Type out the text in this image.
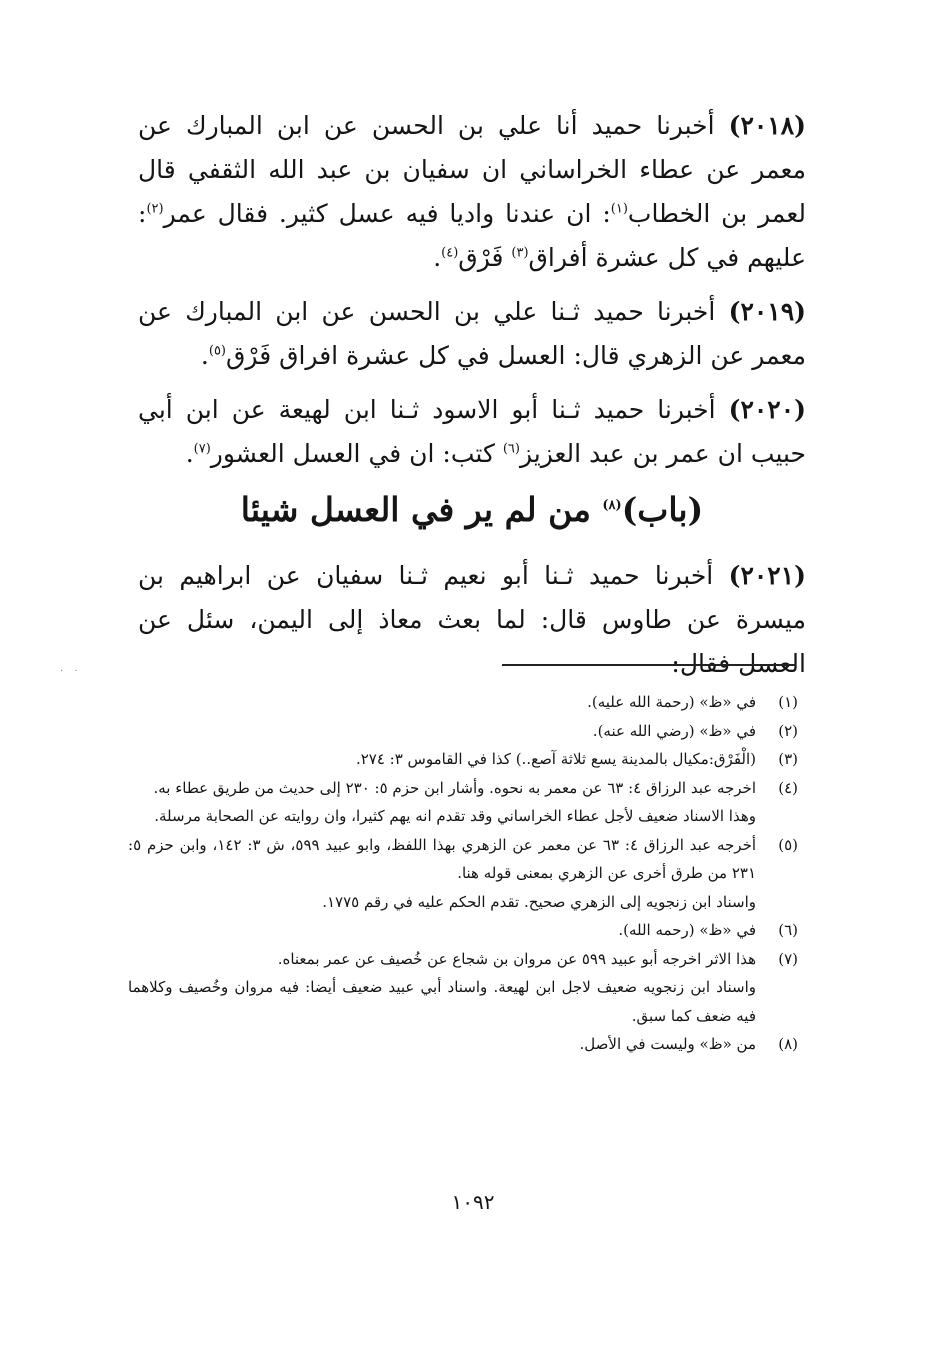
(٢٠١٨) أخبرنا حميد أنا علي بن الحسن عن ابن المبارك عن معمر عن عطاء الخراساني ان سفيان بن عبد الله الثقفي قال لعمر بن الخطاب$^{(١)}$: ان عندنا واديا فيه عسل كثير. فقال عمر$^{(٢)}$: عليهم في كل عشرة أفراق$^{(٣)}$ فَرْق$^{(٤)}$.

(٢٠١٩) أخبرنا حميد ثـنا علي بن الحسن عن ابن المبارك عن معمر عن الزهري قال: العسل في كل عشرة افراق فَرْق$^{(٥)}$.

(٢٠٢٠) أخبرنا حميد ثـنا أبو الاسود ثـنا ابن لهيعة عن ابن أبي حبيب ان عمر بن عبد العزيز$^{(٦)}$ كتب: ان في العسل العشور$^{(٧)}$.

(باب)$^{(٨)}$ من لم ير في العسل شيئا

(٢٠٢١) أخبرنا حميد ثـنا أبو نعيم ثـنا سفيان عن ابراهيم بن ميسرة عن طاوس قال: لما بعث معاذ إلى اليمن، سئل عن العسل فقال:

· ·
(١)

في «ظ» (رحمة الله عليه).

(٢)

في «ظ» (رضي الله عنه).

(٣)

(الْفَرْق:مكيال بالمدينة يسع ثلاثة آصع..) كذا في القاموس ٣: ٢٧٤.

(٤)

اخرجه عبد الرزاق ٤: ٦٣ عن معمر به نحوه. وأشار ابن حزم ٥: ٢٣٠ إلى حديث من طريق عطاء به.

وهذا الاسناد ضعيف لأجل عطاء الخراساني وقد تقدم انه يهم كثيرا، وان روايته عن الصحابة مرسلة.

(٥)

أخرجه عبد الرزاق ٤: ٦٣ عن معمر عن الزهري بهذا اللفظ، وابو عبيد ٥٩٩، ش ٣: ١٤٢، وابن حزم ٥: ٢٣١ من طرق أخرى عن الزهري بمعنى قوله هنا.

واسناد ابن زنجويه إلى الزهري صحيح. تقدم الحكم عليه في رقم ١٧٧٥.

(٦)

في «ظ» (رحمه الله).

(٧)

هذا الاثر اخرجه أبو عبيد ٥٩٩ عن مروان بن شجاع عن خُصيف عن عمر بمعناه.

واسناد ابن زنجويه ضعيف لاجل ابن لهيعة. واسناد أبي عبيد ضعيف أيضا: فيه مروان وخُصيف وكلاهما فيه ضعف كما سبق.

(٨)

من «ظ» وليست في الأصل.

١٠٩٢
